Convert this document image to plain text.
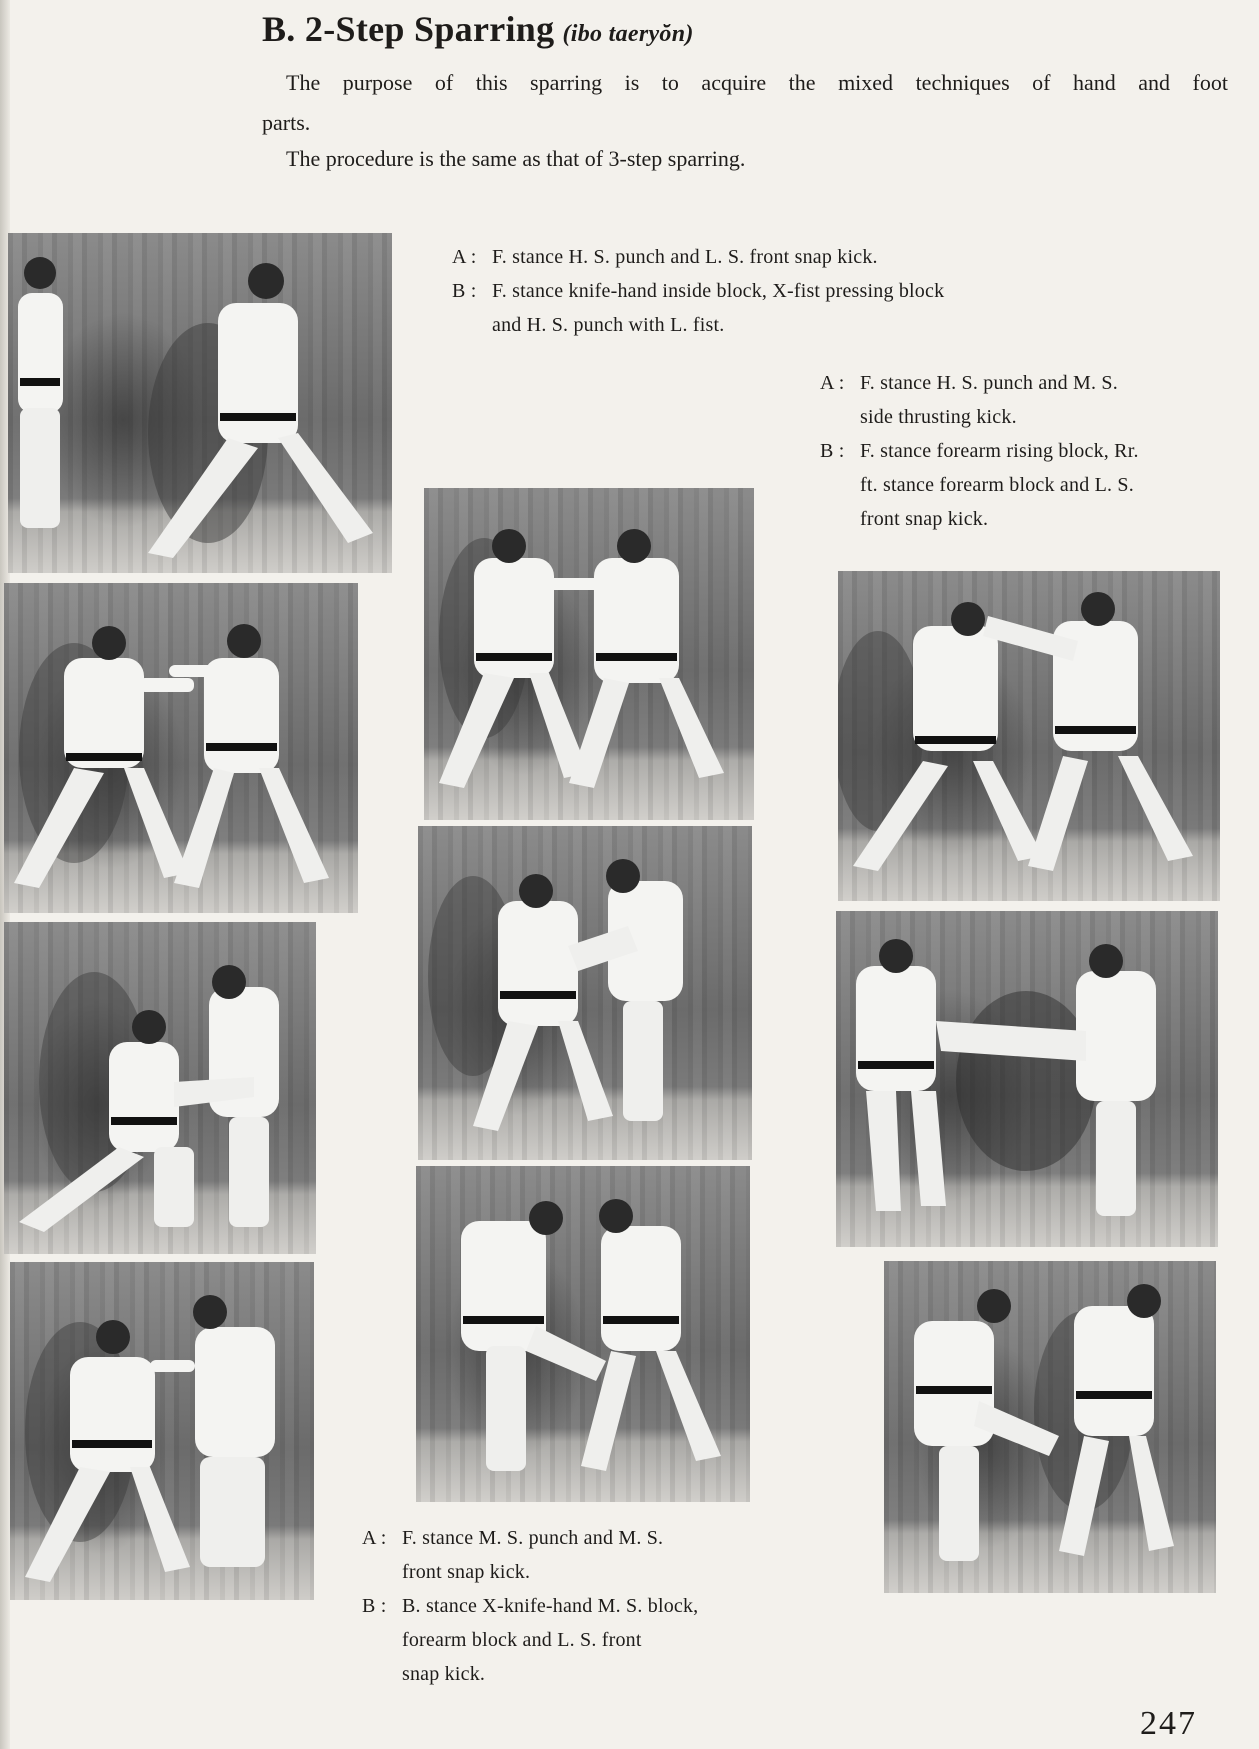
B. 2-Step Sparring (ibo taeryŏn)
The purpose of this sparring is to acquire the mixed techniques of hand and foot
parts.
The procedure is the same as that of 3-step sparring.
A : F. stance H. S. punch and L. S. front snap kick.
B : F. stance knife-hand inside block, X-fist pressing block
and H. S. punch with L. fist.
A : F. stance H. S. punch and M. S.
side thrusting kick.
B : F. stance forearm rising block, Rr.
ft. stance forearm block and L. S.
front snap kick.
A : F. stance M. S. punch and M. S.
front snap kick.
B : B. stance X-knife-hand M. S. block,
forearm block and L. S. front
snap kick.
247
